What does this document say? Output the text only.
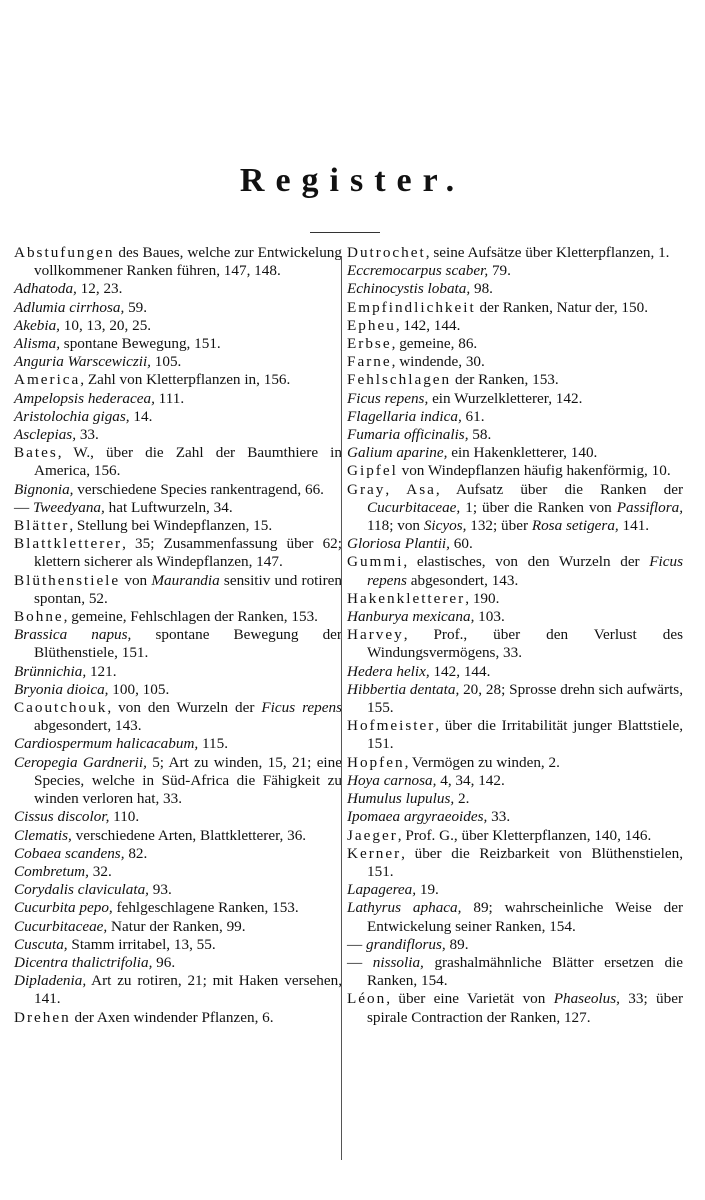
Register.

Abstufungen des Baues, welche zur Entwickelung vollkommener Ranken führen, 147, 148.

Adhatoda, 12, 23.

Adlumia cirrhosa, 59.

Akebia, 10, 13, 20, 25.

Alisma, spontane Bewegung, 151.

Anguria Warscewiczii, 105.

America, Zahl von Kletterpflanzen in, 156.

Ampelopsis hederacea, 111.

Aristolochia gigas, 14.

Asclepias, 33.

Bates, W., über die Zahl der Baumthiere in America, 156.

Bignonia, verschiedene Species rankentragend, 66.

— Tweedyana, hat Luftwurzeln, 34.

Blätter, Stellung bei Windepflanzen, 15.

Blattkletterer, 35; Zusammenfassung über 62; klettern sicherer als Windepflanzen, 147.

Blüthenstiele von Maurandia sensitiv und rotiren spontan, 52.

Bohne, gemeine, Fehlschlagen der Ranken, 153.

Brassica napus, spontane Bewegung der Blüthenstiele, 151.

Brünnichia, 121.

Bryonia dioica, 100, 105.

Caoutchouk, von den Wurzeln der Ficus repens abgesondert, 143.

Cardiospermum halicacabum, 115.

Ceropegia Gardnerii, 5; Art zu winden, 15, 21; eine Species, welche in Süd-Africa die Fähigkeit zu winden verloren hat, 33.

Cissus discolor, 110.

Clematis, verschiedene Arten, Blattkletterer, 36.

Cobaea scandens, 82.

Combretum, 32.

Corydalis claviculata, 93.

Cucurbita pepo, fehlgeschlagene Ranken, 153.

Cucurbitaceae, Natur der Ranken, 99.

Cuscuta, Stamm irritabel, 13, 55.

Dicentra thalictrifolia, 96.

Dipladenia, Art zu rotiren, 21; mit Haken versehen, 141.

Drehen der Axen windender Pflanzen, 6.

Dutrochet, seine Aufsätze über Kletterpflanzen, 1.

Eccremocarpus scaber, 79.

Echinocystis lobata, 98.

Empfindlichkeit der Ranken, Natur der, 150.

Epheu, 142, 144.

Erbse, gemeine, 86.

Farne, windende, 30.

Fehlschlagen der Ranken, 153.

Ficus repens, ein Wurzelkletterer, 142.

Flagellaria indica, 61.

Fumaria officinalis, 58.

Galium aparine, ein Hakenkletterer, 140.

Gipfel von Windepflanzen häufig hakenförmig, 10.

Gray, Asa, Aufsatz über die Ranken der Cucurbitaceae, 1; über die Ranken von Passiflora, 118; von Sicyos, 132; über Rosa setigera, 141.

Gloriosa Plantii, 60.

Gummi, elastisches, von den Wurzeln der Ficus repens abgesondert, 143.

Hakenkletterer, 190.

Hanburya mexicana, 103.

Harvey, Prof., über den Verlust des Windungsvermögens, 33.

Hedera helix, 142, 144.

Hibbertia dentata, 20, 28; Sprosse drehn sich aufwärts, 155.

Hofmeister, über die Irritabilität junger Blattstiele, 151.

Hopfen, Vermögen zu winden, 2.

Hoya carnosa, 4, 34, 142.

Humulus lupulus, 2.

Ipomaea argyraeoides, 33.

Jaeger, Prof. G., über Kletterpflanzen, 140, 146.

Kerner, über die Reizbarkeit von Blüthenstielen, 151.

Lapagerea, 19.

Lathyrus aphaca, 89; wahrscheinliche Weise der Entwickelung seiner Ranken, 154.

— grandiflorus, 89.

— nissolia, grashalmähnliche Blätter ersetzen die Ranken, 154.

Léon, über eine Varietät von Phaseolus, 33; über spirale Contraction der Ranken, 127.
